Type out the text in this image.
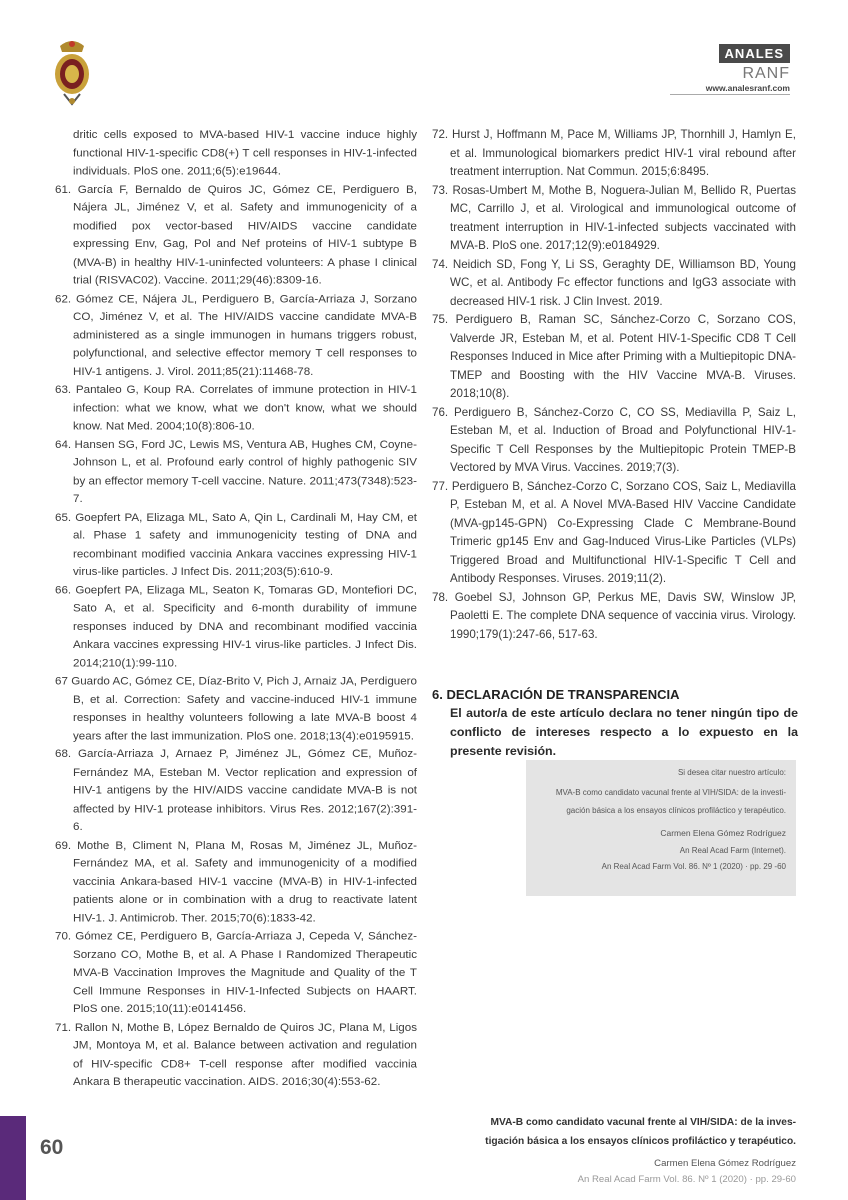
ANALES
RANF
www.analesranf.com
dritic cells exposed to MVA-based HIV-1 vaccine induce highly functional HIV-1-specific CD8(+) T cell responses in HIV-1-infected individuals. PloS one. 2011;6(5):e19644.
61. García F, Bernaldo de Quiros JC, Gómez CE, Perdiguero B, Nájera JL, Jiménez V, et al. Safety and immunogenicity of a modified pox vector-based HIV/AIDS vaccine candidate expressing Env, Gag, Pol and Nef proteins of HIV-1 subtype B (MVA-B) in healthy HIV-1-uninfected volunteers: A phase I clinical trial (RISVAC02). Vaccine. 2011;29(46):8309-16.
62. Gómez CE, Nájera JL, Perdiguero B, García-Arriaza J, Sorzano CO, Jiménez V, et al. The HIV/AIDS vaccine candidate MVA-B administered as a single immunogen in humans triggers robust, polyfunctional, and selective effector memory T cell responses to HIV-1 antigens. J. Virol. 2011;85(21):11468-78.
63. Pantaleo G, Koup RA. Correlates of immune protection in HIV-1 infection: what we know, what we don't know, what we should know. Nat Med. 2004;10(8):806-10.
64. Hansen SG, Ford JC, Lewis MS, Ventura AB, Hughes CM, Coyne-Johnson L, et al. Profound early control of highly pathogenic SIV by an effector memory T-cell vaccine. Nature. 2011;473(7348):523-7.
65. Goepfert PA, Elizaga ML, Sato A, Qin L, Cardinali M, Hay CM, et al. Phase 1 safety and immunogenicity testing of DNA and recombinant modified vaccinia Ankara vaccines expressing HIV-1 virus-like particles. J Infect Dis. 2011;203(5):610-9.
66. Goepfert PA, Elizaga ML, Seaton K, Tomaras GD, Montefiori DC, Sato A, et al. Specificity and 6-month durability of immune responses induced by DNA and recombinant modified vaccinia Ankara vaccines expressing HIV-1 virus-like particles. J Infect Dis. 2014;210(1):99-110.
67 Guardo AC, Gómez CE, Díaz-Brito V, Pich J, Arnaiz JA, Perdiguero B, et al. Correction: Safety and vaccine-induced HIV-1 immune responses in healthy volunteers following a late MVA-B boost 4 years after the last immunization. PloS one. 2018;13(4):e0195915.
68. García-Arriaza J, Arnaez P, Jiménez JL, Gómez CE, Muñoz-Fernández MA, Esteban M. Vector replication and expression of HIV-1 antigens by the HIV/AIDS vaccine candidate MVA-B is not affected by HIV-1 protease inhibitors. Virus Res. 2012;167(2):391-6.
69. Mothe B, Climent N, Plana M, Rosas M, Jiménez JL, Muñoz-Fernández MA, et al. Safety and immunogenicity of a modified vaccinia Ankara-based HIV-1 vaccine (MVA-B) in HIV-1-infected patients alone or in combination with a drug to reactivate latent HIV-1. J. Antimicrob. Ther. 2015;70(6):1833-42.
70. Gómez CE, Perdiguero B, García-Arriaza J, Cepeda V, Sánchez-Sorzano CO, Mothe B, et al. A Phase I Randomized Therapeutic MVA-B Vaccination Improves the Magnitude and Quality of the T Cell Immune Responses in HIV-1-Infected Subjects on HAART. PloS one. 2015;10(11):e0141456.
71. Rallon N, Mothe B, López Bernaldo de Quiros JC, Plana M, Ligos JM, Montoya M, et al. Balance between activation and regulation of HIV-specific CD8+ T-cell response after modified vaccinia Ankara B therapeutic vaccination. AIDS. 2016;30(4):553-62.
72. Hurst J, Hoffmann M, Pace M, Williams JP, Thornhill J, Hamlyn E, et al. Immunological biomarkers predict HIV-1 viral rebound after treatment interruption. Nat Commun. 2015;6:8495.
73. Rosas-Umbert M, Mothe B, Noguera-Julian M, Bellido R, Puertas MC, Carrillo J, et al. Virological and immunological outcome of treatment interruption in HIV-1-infected subjects vaccinated with MVA-B. PloS one. 2017;12(9):e0184929.
74. Neidich SD, Fong Y, Li SS, Geraghty DE, Williamson BD, Young WC, et al. Antibody Fc effector functions and IgG3 associate with decreased HIV-1 risk. J Clin Invest. 2019.
75. Perdiguero B, Raman SC, Sánchez-Corzo C, Sorzano COS, Valverde JR, Esteban M, et al. Potent HIV-1-Specific CD8 T Cell Responses Induced in Mice after Priming with a Multiepitopic DNA-TMEP and Boosting with the HIV Vaccine MVA-B. Viruses. 2018;10(8).
76. Perdiguero B, Sánchez-Corzo C, CO SS, Mediavilla P, Saiz L, Esteban M, et al. Induction of Broad and Polyfunctional HIV-1-Specific T Cell Responses by the Multiepitopic Protein TMEP-B Vectored by MVA Virus. Vaccines. 2019;7(3).
77. Perdiguero B, Sánchez-Corzo C, Sorzano COS, Saiz L, Mediavilla P, Esteban M, et al. A Novel MVA-Based HIV Vaccine Candidate (MVA-gp145-GPN) Co-Expressing Clade C Membrane-Bound Trimeric gp145 Env and Gag-Induced Virus-Like Particles (VLPs) Triggered Broad and Multifunctional HIV-1-Specific T Cell and Antibody Responses. Viruses. 2019;11(2).
78. Goebel SJ, Johnson GP, Perkus ME, Davis SW, Winslow JP, Paoletti E. The complete DNA sequence of vaccinia virus. Virology. 1990;179(1):247-66, 517-63.
6. DECLARACIÓN DE TRANSPARENCIA

El autor/a de este artículo declara no tener ningún tipo de conflicto de intereses respecto a lo expuesto en la presente revisión.

Si desea citar nuestro artículo:
MVA-B como candidato vacunal frente al VIH/SIDA: de la investi-
gación básica a los ensayos clínicos profiláctico y terapéutico.
Carmen Elena Gómez Rodríguez
An Real Acad Farm (Internet).
An Real Acad Farm Vol. 86. Nº 1 (2020) · pp. 29 -60
60
MVA-B como candidato vacunal frente al VIH/SIDA: de la inves-
tigación básica a los ensayos clínicos profiláctico y terapéutico.
Carmen Elena Gómez Rodríguez
An Real Acad Farm Vol. 86. Nº 1 (2020) · pp. 29-60
